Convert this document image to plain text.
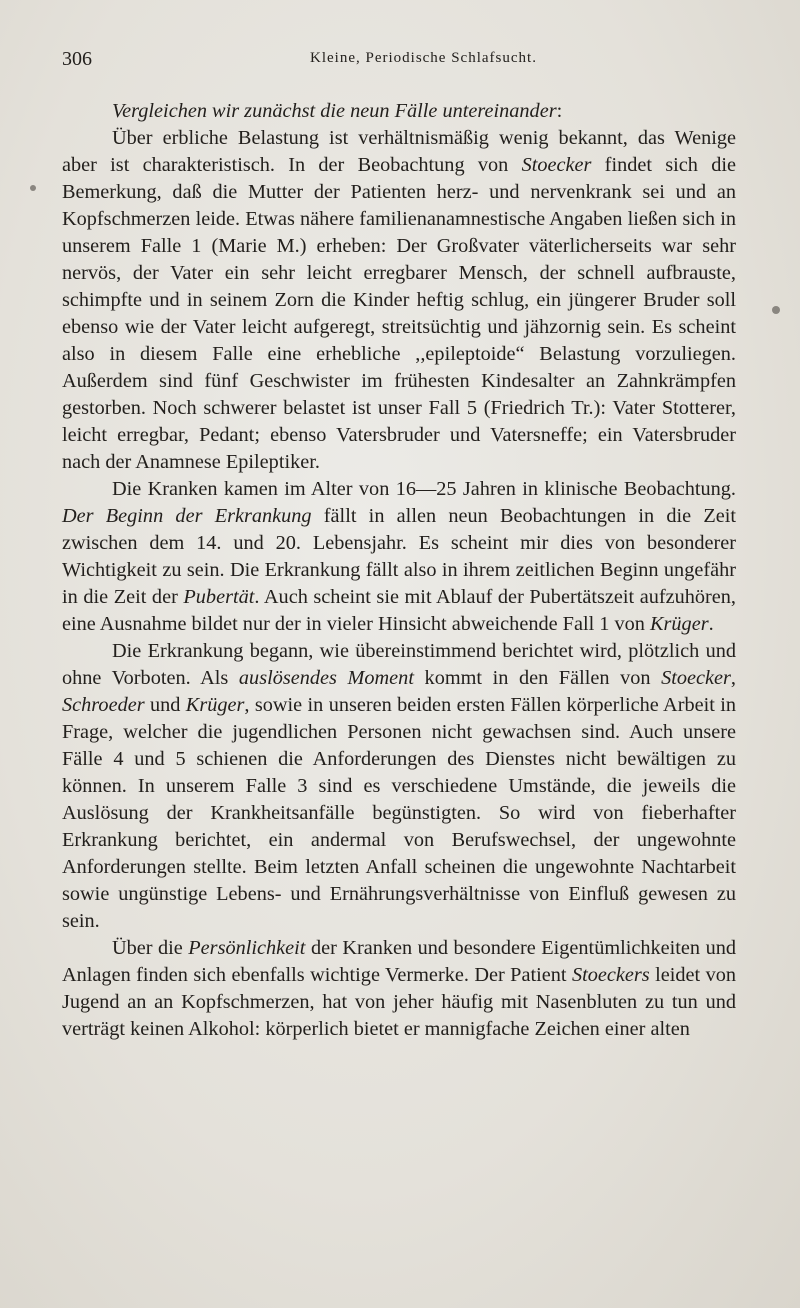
306	Kleine, Periodische Schlafsucht.

Vergleichen wir zunächst die neun Fälle untereinander:

Über erbliche Belastung ist verhältnismäßig wenig bekannt, das Wenige aber ist charakteristisch. In der Beobachtung von Stoecker findet sich die Bemerkung, daß die Mutter der Patienten herz- und nervenkrank sei und an Kopfschmerzen leide. Etwas nähere familienanamnestische Angaben ließen sich in unserem Falle 1 (Marie M.) erheben: Der Großvater väterlicherseits war sehr nervös, der Vater ein sehr leicht erregbarer Mensch, der schnell aufbrauste, schimpfte und in seinem Zorn die Kinder heftig schlug, ein jüngerer Bruder soll ebenso wie der Vater leicht aufgeregt, streitsüchtig und jähzornig sein. Es scheint also in diesem Falle eine erhebliche ,,epileptoide“ Belastung vorzuliegen. Außerdem sind fünf Geschwister im frühesten Kindesalter an Zahnkrämpfen gestorben. Noch schwerer belastet ist unser Fall 5 (Friedrich Tr.): Vater Stotterer, leicht erregbar, Pedant; ebenso Vatersbruder und Vatersneffe; ein Vatersbruder nach der Anamnese Epileptiker.

Die Kranken kamen im Alter von 16—25 Jahren in klinische Beobachtung. Der Beginn der Erkrankung fällt in allen neun Beobachtungen in die Zeit zwischen dem 14. und 20. Lebensjahr. Es scheint mir dies von besonderer Wichtigkeit zu sein. Die Erkrankung fällt also in ihrem zeitlichen Beginn ungefähr in die Zeit der Pubertät. Auch scheint sie mit Ablauf der Pubertätszeit aufzuhören, eine Ausnahme bildet nur der in vieler Hinsicht abweichende Fall 1 von Krüger.

Die Erkrankung begann, wie übereinstimmend berichtet wird, plötzlich und ohne Vorboten. Als auslösendes Moment kommt in den Fällen von Stoecker, Schroeder und Krüger, sowie in unseren beiden ersten Fällen körperliche Arbeit in Frage, welcher die jugendlichen Personen nicht gewachsen sind. Auch unsere Fälle 4 und 5 schienen die Anforderungen des Dienstes nicht bewältigen zu können. In unserem Falle 3 sind es verschiedene Umstände, die jeweils die Auslösung der Krankheitsanfälle begünstigten. So wird von fieberhafter Erkrankung berichtet, ein andermal von Berufswechsel, der ungewohnte Anforderungen stellte. Beim letzten Anfall scheinen die ungewohnte Nachtarbeit sowie ungünstige Lebens- und Ernährungsverhältnisse von Einfluß gewesen zu sein.

Über die Persönlichkeit der Kranken und besondere Eigentümlichkeiten und Anlagen finden sich ebenfalls wichtige Vermerke. Der Patient Stoeckers leidet von Jugend an an Kopfschmerzen, hat von jeher häufig mit Nasenbluten zu tun und verträgt keinen Alkohol: körperlich bietet er mannigfache Zeichen einer alten
